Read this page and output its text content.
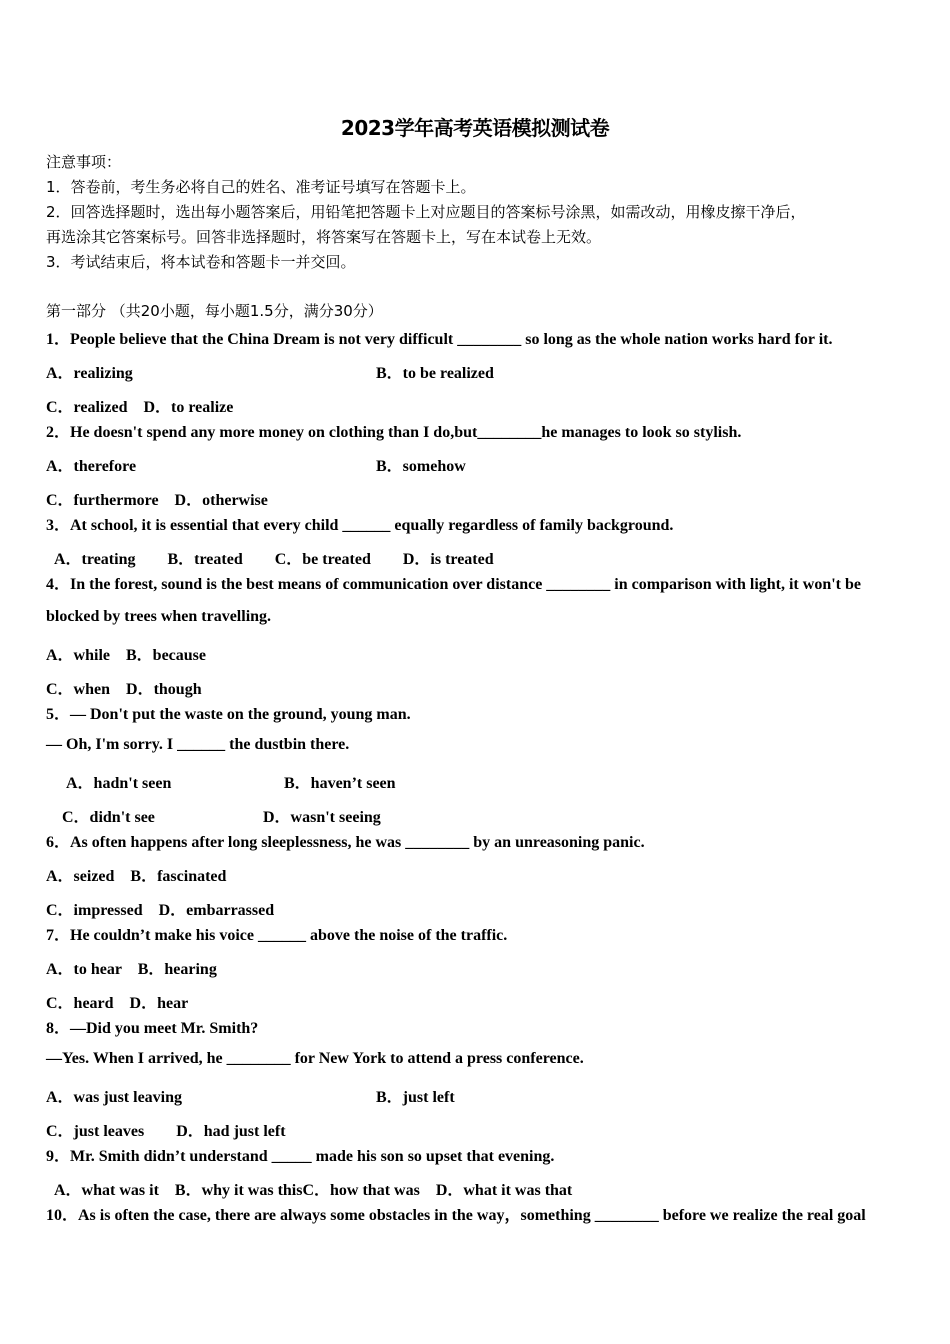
2023学年高考英语模拟测试卷
注意事项：
1．答卷前，考生务必将自己的姓名、准考证号填写在答题卡上。
2．回答选择题时，选出每小题答案后，用铅笔把答题卡上对应题目的答案标号涂黑，如需改动，用橡皮擦干净后，
再选涂其它答案标号。回答非选择题时，将答案写在答题卡上，写在本试卷上无效。
3．考试结束后，将本试卷和答题卡一并交回。
第一部分 （共20小题，每小题1.5分，满分30分）
1．People believe that the China Dream is not very difficult ________ so long as the whole nation works hard for it.
A．realizing	B．to be realized
C．realized　D．to realize
2．He doesn't spend any more money on clothing than I do,but________he manages to look so stylish.
A．therefore	B．somehow
C．furthermore　D．otherwise
3．At school, it is essential that every child ______ equally regardless of family background.
A．treating　　B．treated　　C．be treated　　D．is treated
4．In the forest, sound is the best means of communication over distance ________ in comparison with light, it won't be
blocked by trees when travelling.
A．while　B．because
C．when　D．though
5．— Don't put the waste on the ground, young man.
— Oh, I'm sorry. I ______ the dustbin there.
A．hadn't seen	B．haven’t seen
C．didn't see	D．wasn't seeing
6．As often happens after long sleeplessness, he was ________ by an unreasoning panic.
A．seized　B．fascinated
C．impressed　D．embarrassed
7．He couldn’t make his voice ______ above the noise of the traffic.
A．to hear　B．hearing
C．heard　D．hear
8．—Did you meet Mr. Smith?
—Yes. When I arrived, he ________ for New York to attend a press conference.
A．was just leaving	B．just left
C．just leaves　　D．had just left
9．Mr. Smith didn’t understand _____ made his son so upset that evening.
A．what was it　B．why it was thisC．how that was　D．what it was that
10．As is often the case, there are always some obstacles in the way，something ________ before we realize the real goal
